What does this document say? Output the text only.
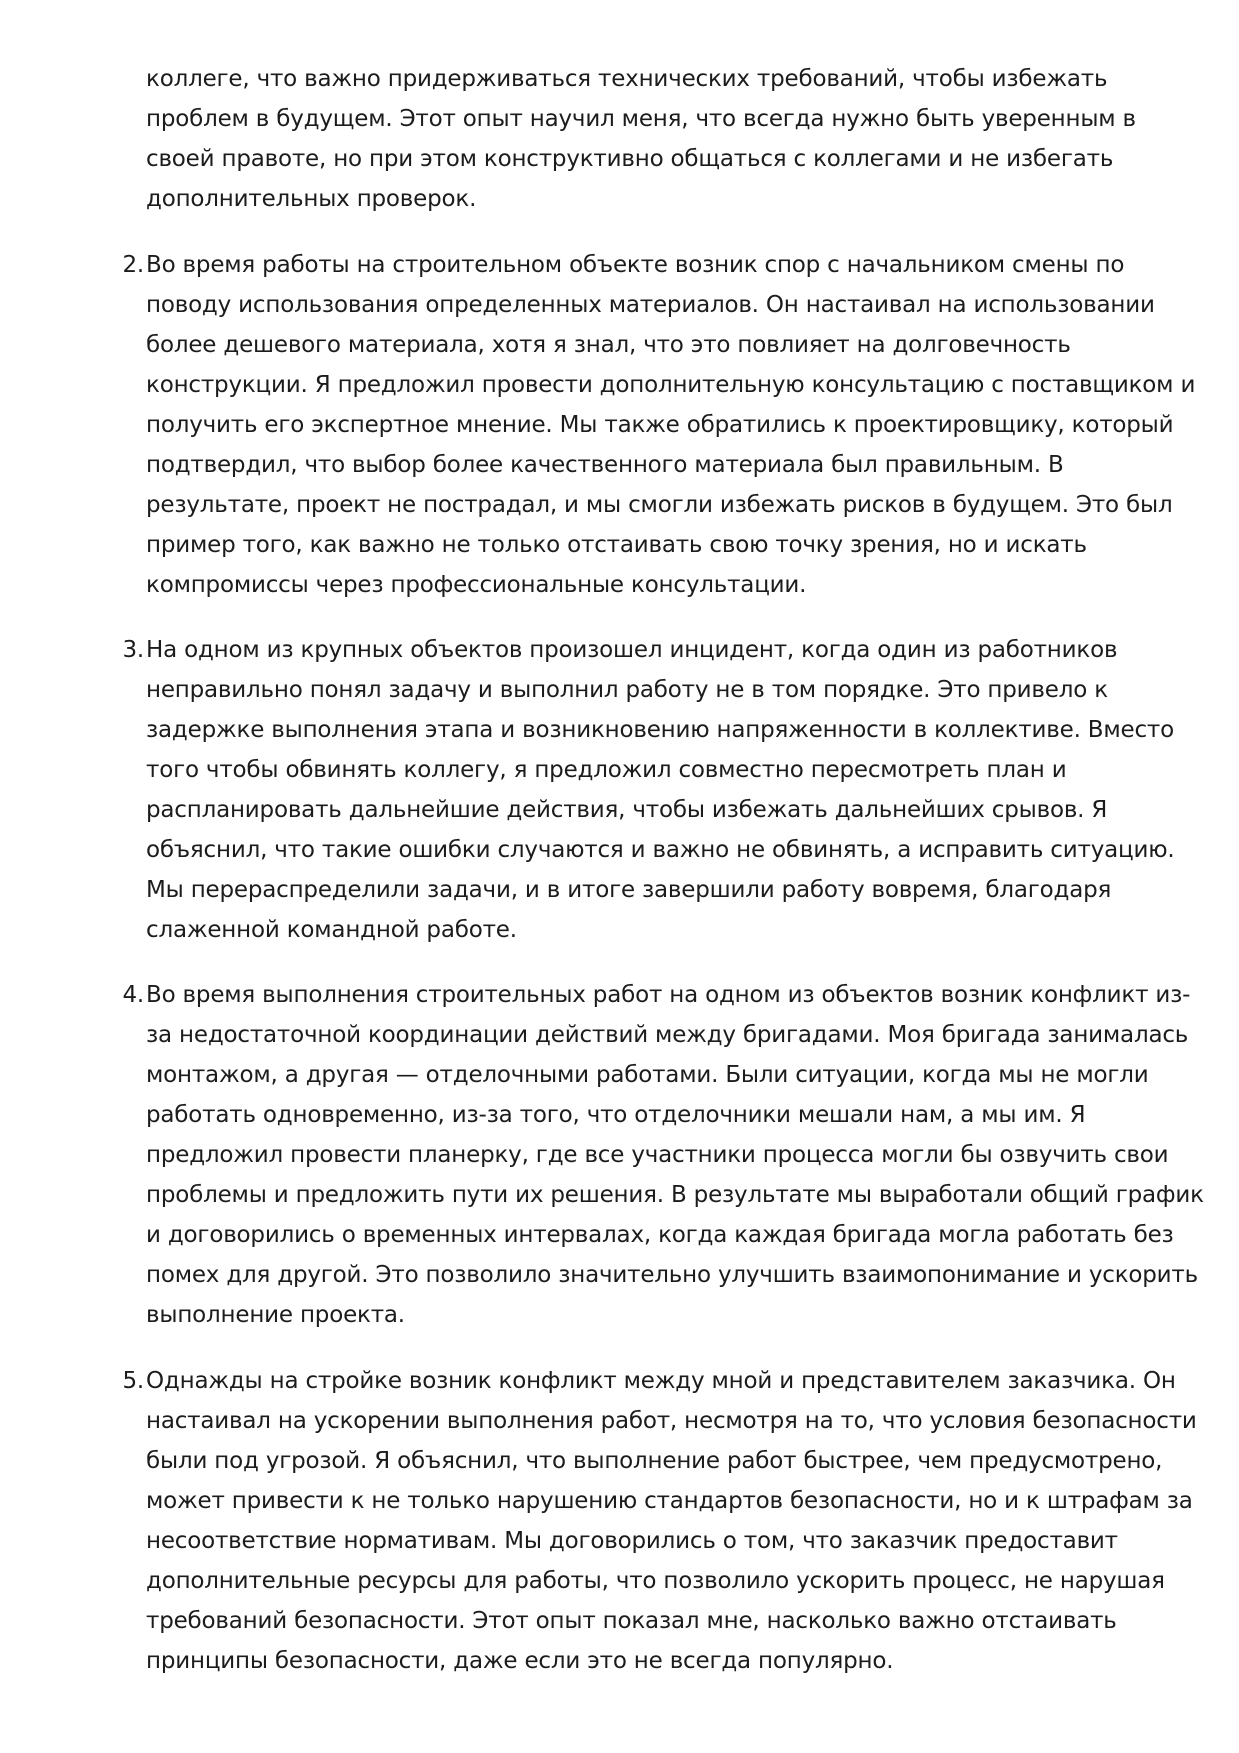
коллеге, что важно придерживаться технических требований, чтобы избежать
проблем в будущем. Этот опыт научил меня, что всегда нужно быть уверенным в
своей правоте, но при этом конструктивно общаться с коллегами и не избегать
дополнительных проверок.
2. Во время работы на строительном объекте возник спор с начальником смены по
поводу использования определенных материалов. Он настаивал на использовании
более дешевого материала, хотя я знал, что это повлияет на долговечность
конструкции. Я предложил провести дополнительную консультацию с поставщиком и
получить его экспертное мнение. Мы также обратились к проектировщику, который
подтвердил, что выбор более качественного материала был правильным. В
результате, проект не пострадал, и мы смогли избежать рисков в будущем. Это был
пример того, как важно не только отстаивать свою точку зрения, но и искать
компромиссы через профессиональные консультации.
3. На одном из крупных объектов произошел инцидент, когда один из работников
неправильно понял задачу и выполнил работу не в том порядке. Это привело к
задержке выполнения этапа и возникновению напряженности в коллективе. Вместо
того чтобы обвинять коллегу, я предложил совместно пересмотреть план и
распланировать дальнейшие действия, чтобы избежать дальнейших срывов. Я
объяснил, что такие ошибки случаются и важно не обвинять, а исправить ситуацию.
Мы перераспределили задачи, и в итоге завершили работу вовремя, благодаря
слаженной командной работе.
4. Во время выполнения строительных работ на одном из объектов возник конфликт из-
за недостаточной координации действий между бригадами. Моя бригада занималась
монтажом, а другая — отделочными работами. Были ситуации, когда мы не могли
работать одновременно, из-за того, что отделочники мешали нам, а мы им. Я
предложил провести планерку, где все участники процесса могли бы озвучить свои
проблемы и предложить пути их решения. В результате мы выработали общий график
и договорились о временных интервалах, когда каждая бригада могла работать без
помех для другой. Это позволило значительно улучшить взаимопонимание и ускорить
выполнение проекта.
5. Однажды на стройке возник конфликт между мной и представителем заказчика. Он
настаивал на ускорении выполнения работ, несмотря на то, что условия безопасности
были под угрозой. Я объяснил, что выполнение работ быстрее, чем предусмотрено,
может привести к не только нарушению стандартов безопасности, но и к штрафам за
несоответствие нормативам. Мы договорились о том, что заказчик предоставит
дополнительные ресурсы для работы, что позволило ускорить процесс, не нарушая
требований безопасности. Этот опыт показал мне, насколько важно отстаивать
принципы безопасности, даже если это не всегда популярно.
